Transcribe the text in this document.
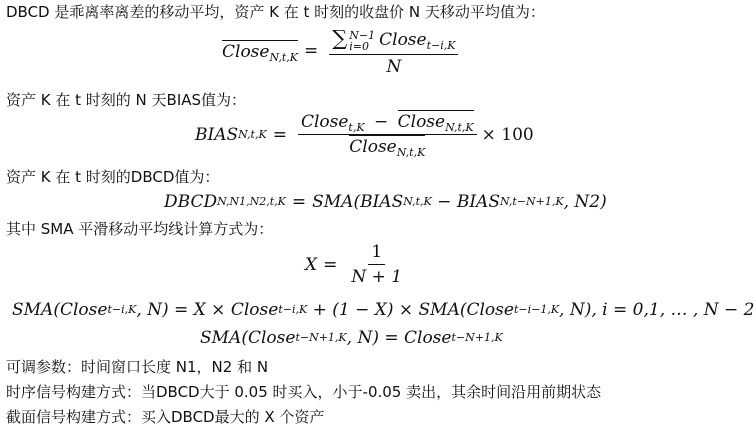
DBCD 是乖离率离差的移动平均，资产 K 在 t 时刻的收盘价 N 天移动平均值为：
Close$_{N,t,K}$ = ∑ N−1
i=0 Close$_{t-i,K}$
N
资产 K 在 t 时刻的 N 天BIAS值为：
BIAS $N,t,K = \frac{Close_{t,K} - Close_{N,t,K}}{Close_{N,t,K}} \times 100$
资产 K 在 t 时刻的DBCD值为：
DBCD N,N1,N2,t,K = SMA(BIAS N,t,K − BIAS N,t−N+1,K , N2)
其中 SMA 平滑移动平均线计算方式为：
$X = \frac{1}{N + 1}$
SMA(Close t−i,K , N) = X × Close t−i,K + (1 − X) × SMA(Close t−i−1,K , N), i = 0,1, … , N − 2
SMA(Close t−N+1,K , N) = Close t−N+1,K
可调参数：时间窗口长度 N1，N2 和 N
时序信号构建方式：当DBCD大于 0.05 时买入，小于-0.05 卖出，其余时间沿用前期状态
截面信号构建方式：买入DBCD最大的 X 个资产
